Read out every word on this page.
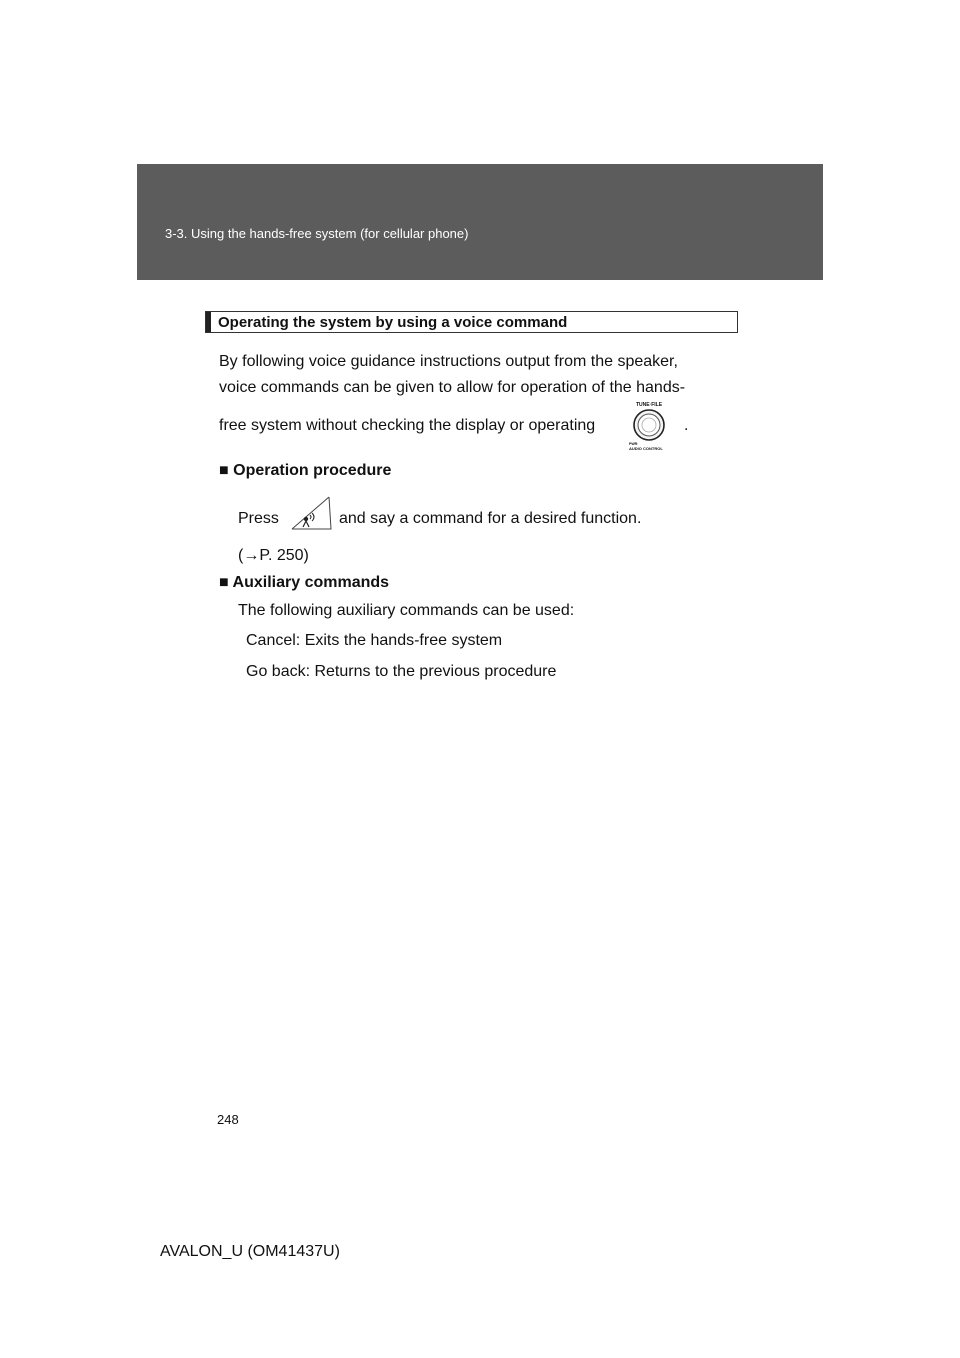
3-3. Using the hands-free system (for cellular phone)
Operating the system by using a voice command
By following voice guidance instructions output from the speaker,
voice commands can be given to allow for operation of the hands-
free system without checking the display or operating	.
TUNE·FILE
PWR·
AUDIO CONTROL
■ Operation procedure
Press	and say a command for a desired function.
(→P. 250)
■ Auxiliary commands
The following auxiliary commands can be used:
Cancel: Exits the hands-free system
Go back: Returns to the previous procedure
248
AVALON_U (OM41437U)
